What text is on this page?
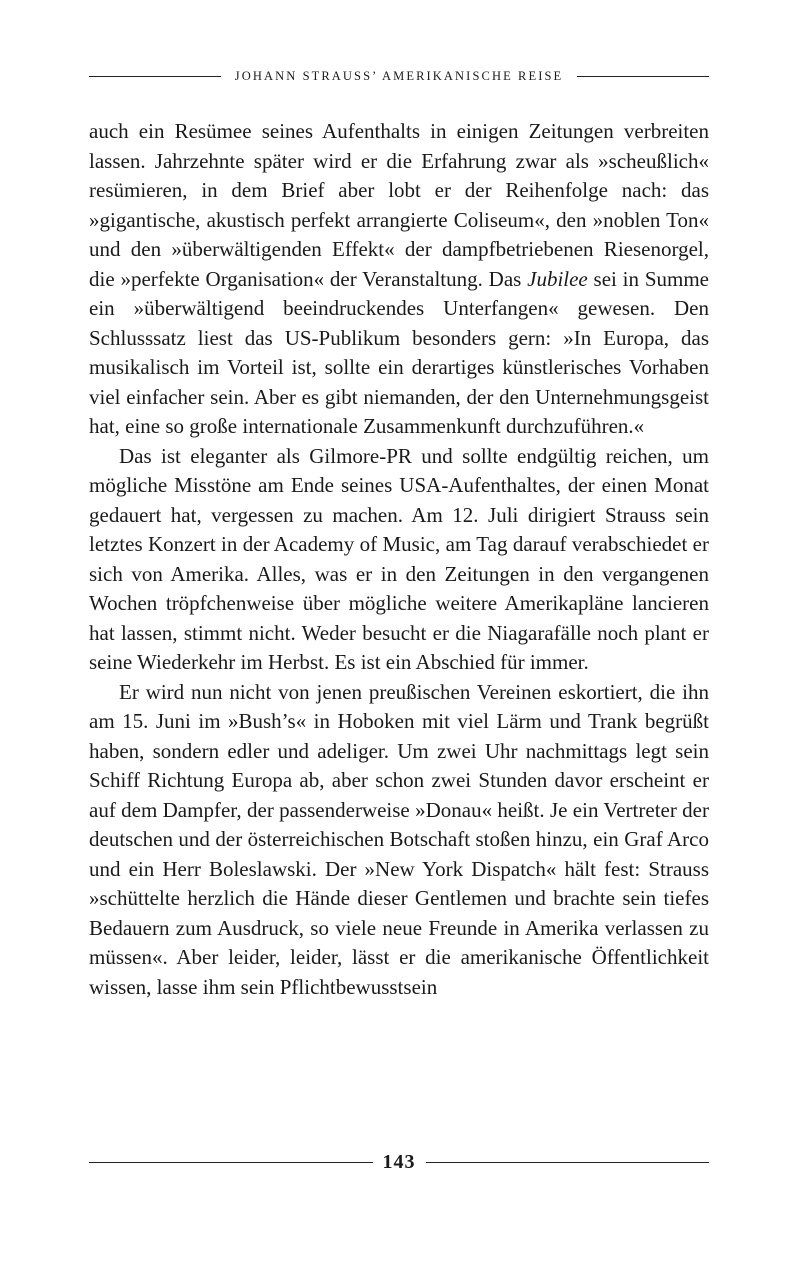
JOHANN STRAUSS’ AMERIKANISCHE REISE

auch ein Resümee seines Aufenthalts in einigen Zeitungen verbreiten lassen. Jahrzehnte später wird er die Erfahrung zwar als »scheußlich« resümieren, in dem Brief aber lobt er der Reihenfolge nach: das »gigantische, akustisch perfekt arrangierte Coliseum«, den »noblen Ton« und den »überwältigenden Effekt« der dampfbetriebenen Riesenorgel, die »perfekte Organisation« der Veranstaltung. Das Jubilee sei in Summe ein »überwältigend beeindruckendes Unterfangen« gewesen. Den Schlusssatz liest das US-Publikum besonders gern: »In Europa, das musikalisch im Vorteil ist, sollte ein derartiges künstlerisches Vorhaben viel einfacher sein. Aber es gibt niemanden, der den Unternehmungsgeist hat, eine so große internationale Zusammenkunft durchzuführen.«

Das ist eleganter als Gilmore-PR und sollte endgültig reichen, um mögliche Misstöne am Ende seines USA-Aufenthaltes, der einen Monat gedauert hat, vergessen zu machen. Am 12. Juli dirigiert Strauss sein letztes Konzert in der Academy of Music, am Tag darauf verabschiedet er sich von Amerika. Alles, was er in den Zeitungen in den vergangenen Wochen tröpfchenweise über mögliche weitere Amerikapläne lancieren hat lassen, stimmt nicht. Weder besucht er die Niagarafälle noch plant er seine Wiederkehr im Herbst. Es ist ein Abschied für immer.

Er wird nun nicht von jenen preußischen Vereinen eskortiert, die ihn am 15. Juni im »Bush’s« in Hoboken mit viel Lärm und Trank begrüßt haben, sondern edler und adeliger. Um zwei Uhr nachmittags legt sein Schiff Richtung Europa ab, aber schon zwei Stunden davor erscheint er auf dem Dampfer, der passenderweise »Donau« heißt. Je ein Vertreter der deutschen und der österreichischen Botschaft stoßen hinzu, ein Graf Arco und ein Herr Boleslawski. Der »New York Dispatch« hält fest: Strauss »schüttelte herzlich die Hände dieser Gentlemen und brachte sein tiefes Bedauern zum Ausdruck, so viele neue Freunde in Amerika verlassen zu müssen«. Aber leider, leider, lässt er die amerikanische Öffentlichkeit wissen, lasse ihm sein Pflichtbewusstsein

143
